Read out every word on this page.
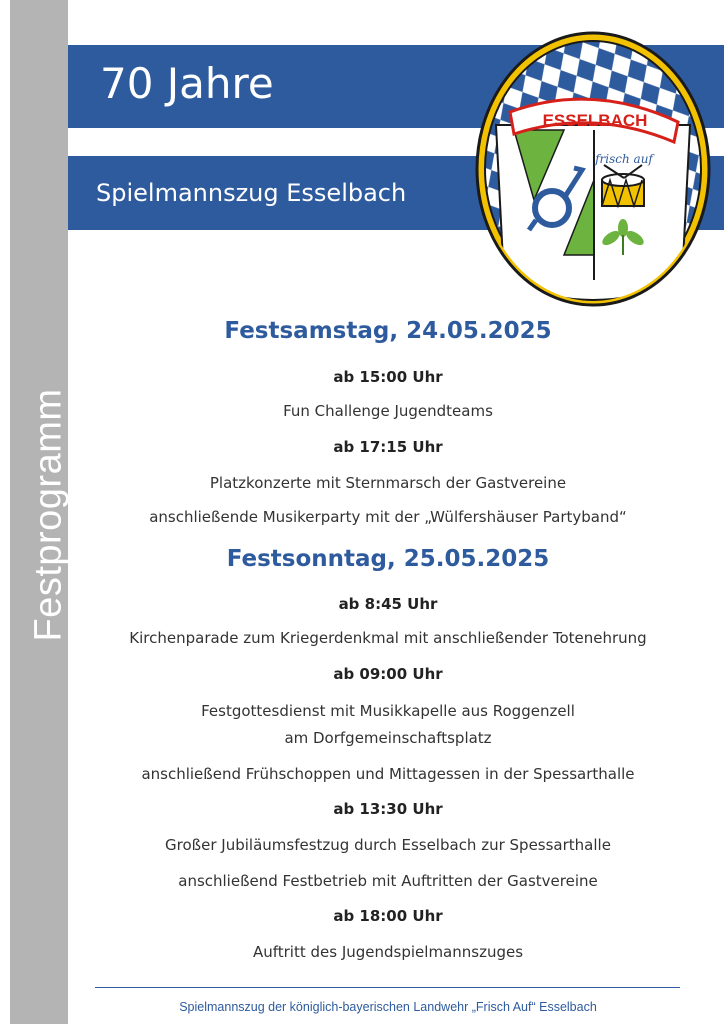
Festprogramm
70 Jahre
Spielmannszug Esselbach
ESSELBACH
frisch auf
Festsamstag, 24.05.2025
ab 15:00 Uhr
Fun Challenge Jugendteams
ab 17:15 Uhr
Platzkonzerte mit Sternmarsch der Gastvereine
anschließende Musikerparty mit der „Wülfershäuser Partyband“
Festsonntag, 25.05.2025
ab 8:45 Uhr
Kirchenparade zum Kriegerdenkmal mit anschließender Totenehrung
ab 09:00 Uhr
Festgottesdienst mit Musikkapelle aus Roggenzell
am Dorfgemeinschaftsplatz
anschließend Frühschoppen und Mittagessen in der Spessarthalle
ab 13:30 Uhr
Großer Jubiläumsfestzug durch Esselbach zur Spessarthalle
anschließend Festbetrieb mit Auftritten der Gastvereine
ab 18:00 Uhr
Auftritt des Jugendspielmannszuges
Spielmannszug der königlich-bayerischen Landwehr „Frisch Auf“ Esselbach
